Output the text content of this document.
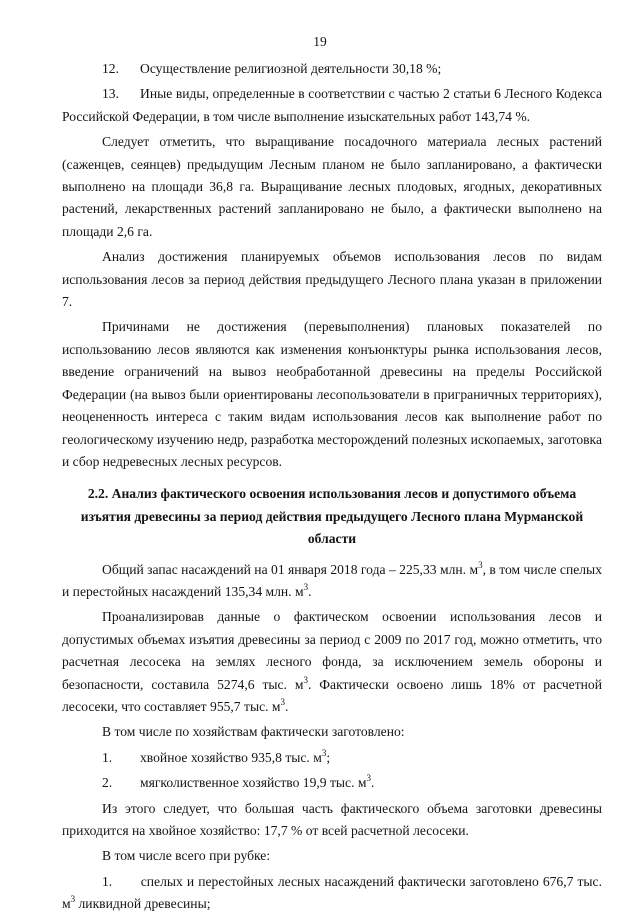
19
12.	Осуществление религиозной деятельности 30,18 %;
13.	Иные виды, определенные в соответствии с частью 2 статьи 6 Лесного Кодекса Российской Федерации, в том числе выполнение изыскательных работ 143,74 %.

Следует отметить, что выращивание посадочного материала лесных растений (саженцев, сеянцев) предыдущим Лесным планом не было запланировано, а фактически выполнено на площади 36,8 га. Выращивание лесных плодовых, ягодных, декоративных растений, лекарственных растений запланировано не было, а фактически выполнено на площади 2,6 га.

Анализ достижения планируемых объемов использования лесов по видам использования лесов за период действия предыдущего Лесного плана указан в приложении 7.

Причинами не достижения (перевыполнения) плановых показателей по использованию лесов являются как изменения конъюнктуры рынка использования лесов, введение ограничений на вывоз необработанной древесины на пределы Российской Федерации (на вывоз были ориентированы лесопользователи в приграничных территориях), неоцененность интереса с таким видам использования лесов как выполнение работ по геологическому изучению недр, разработка месторождений полезных ископаемых, заготовка и сбор недревесных лесных ресурсов.

2.2. Анализ фактического освоения использования лесов и допустимого объема изъятия древесины за период действия предыдущего Лесного плана Мурманской области

Общий запас насаждений на 01 января 2018 года – 225,33 млн. $м^3$, в том числе спелых и перестойных насаждений 135,34 млн. $м^3$.

Проанализировав данные о фактическом освоении использования лесов и допустимых объемах изъятия древесины за период с 2009 по 2017 год, можно отметить, что расчетная лесосека на землях лесного фонда, за исключением земель обороны и безопасности, составила 5274,6 тыс. $м^3$. Фактически освоено лишь 18% от расчетной лесосеки, что составляет 955,7 тыс. $м^3$.

В том числе по хозяйствам фактически заготовлено:

1.	хвойное хозяйство 935,8 тыс. $м^3$;
2.	мягколиственное хозяйство 19,9 тыс. $м^3$.

Из этого следует, что большая часть фактического объема заготовки древесины приходится на хвойное хозяйство: 17,7 % от всей расчетной лесосеки.

В том числе всего при рубке:

1. спелых и перестойных лесных насаждений фактически заготовлено 676,7 тыс. $м^3$ ликвидной древесины;
